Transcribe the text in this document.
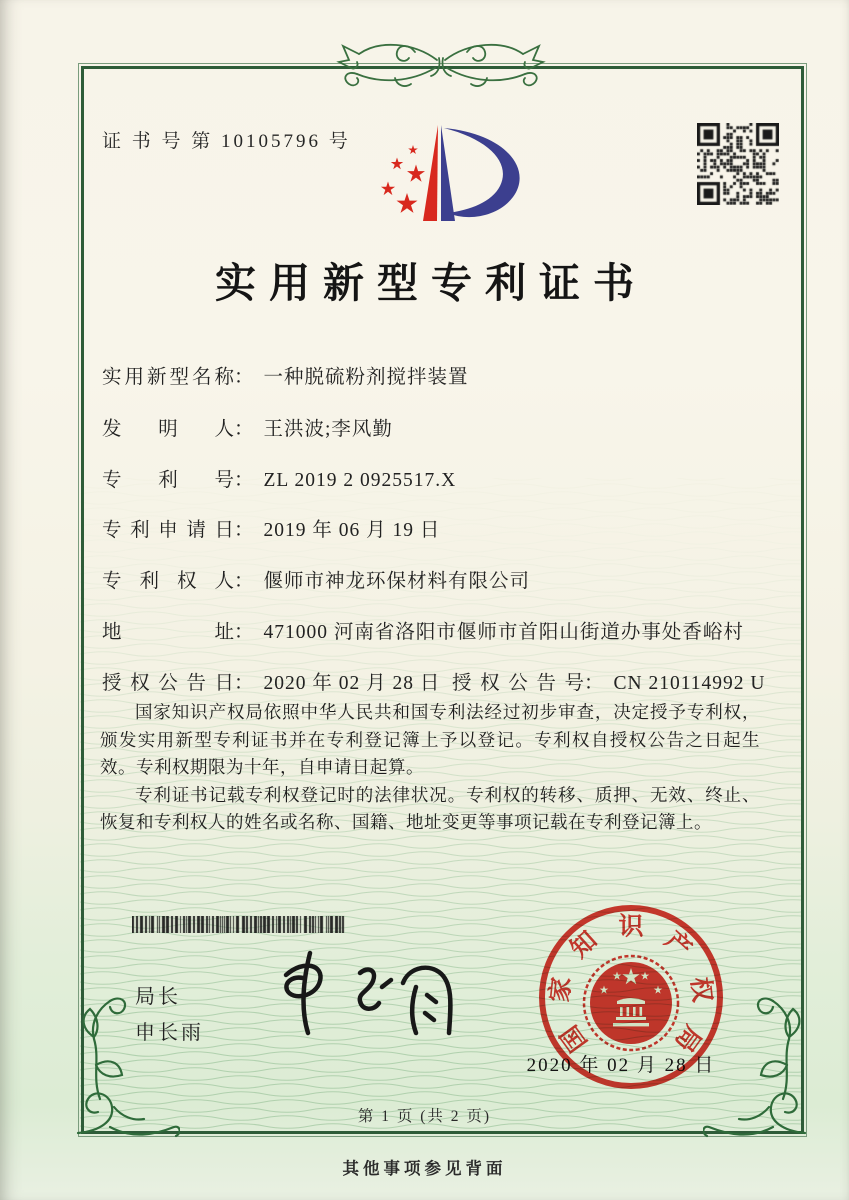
证 书 号 第 10105796 号
实用新型专利证书
实用新型名称： 一种脱硫粉剂搅拌装置
发明人： 王洪波;李风勤
专利号： ZL 2019 2 0925517.X
专利申请日： 2019 年 06 月 19 日
专利权人： 偃师市神龙环保材料有限公司
地址： 471000 河南省洛阳市偃师市首阳山街道办事处香峪村
授权公告日： 2020 年 02 月 28 日 授权公告号： CN 210114992 U

国家知识产权局依照中华人民共和国专利法经过初步审查，决定授予专利权，颁发实用新型专利证书并在专利登记簿上予以登记。专利权自授权公告之日起生效。专利权期限为十年，自申请日起算。

专利证书记载专利权登记时的法律状况。专利权的转移、质押、无效、终止、恢复和专利权人的姓名或名称、国籍、地址变更等事项记载在专利登记簿上。

局长
申长雨
2020 年 02 月 28 日
国
家
知 识 产
权
局
第 1 页 (共 2 页)
其他事项参见背面
